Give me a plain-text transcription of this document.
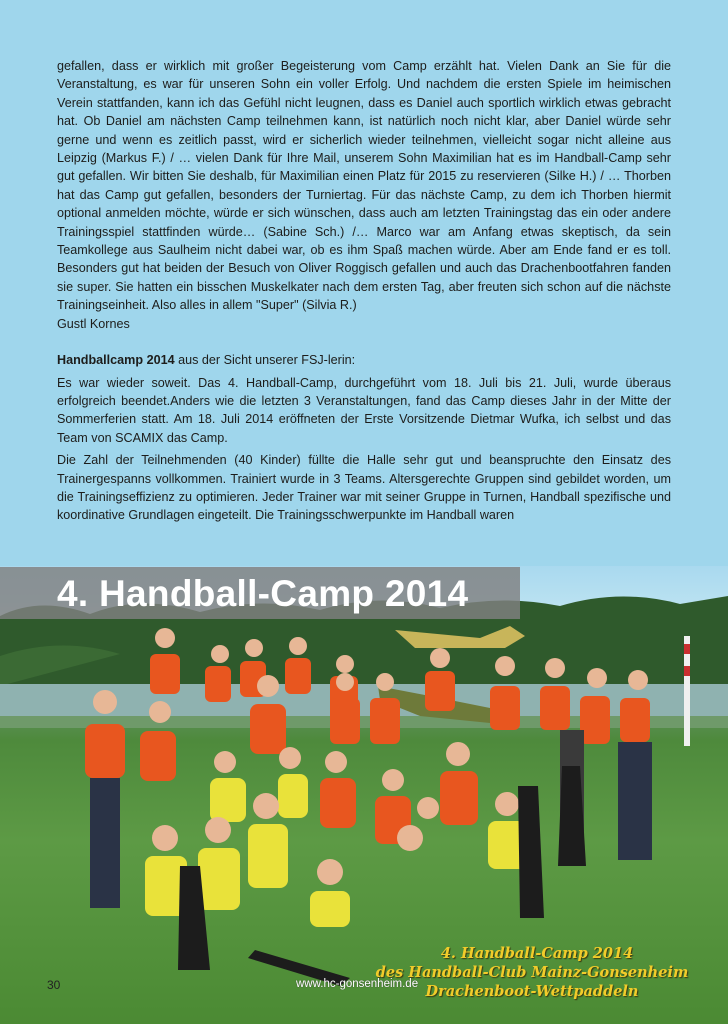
gefallen, dass er wirklich mit großer Begeisterung vom Camp erzählt hat. Vielen Dank an Sie für die Veranstaltung, es war für unseren Sohn ein voller Erfolg. Und nachdem die ersten Spiele im heimischen Verein stattfanden, kann ich das Gefühl nicht leugnen, dass es Daniel auch sportlich wirklich etwas gebracht hat. Ob Daniel am nächsten Camp teilnehmen kann, ist natürlich noch nicht klar, aber Daniel würde sehr gerne und wenn es zeitlich passt, wird er sicherlich wieder teilnehmen, vielleicht sogar nicht alleine aus Leipzig (Markus F.) / … vielen Dank für Ihre Mail, unserem Sohn Maximilian hat es im Handball-Camp sehr gut gefallen. Wir bitten Sie deshalb, für Maximilian einen Platz für 2015 zu reservieren (Silke H.) / … Thorben hat das Camp gut gefallen, besonders der Turniertag. Für das nächste Camp, zu dem ich Thorben hiermit optional anmelden möchte, würde er sich wünschen, dass auch am letzten Trainingstag das ein oder andere Trainingsspiel stattfinden würde… (Sabine Sch.) /… Marco war am Anfang etwas skeptisch, da sein Teamkollege aus Saulheim nicht dabei war, ob es ihm Spaß machen würde. Aber am Ende fand er es toll. Besonders gut hat beiden der Besuch von Oliver Roggisch gefallen und auch das Drachenbootfahren fanden sie super. Sie hatten ein bisschen Muskelkater nach dem ersten Tag, aber freuten sich schon auf die nächste Trainingseinheit. Also alles in allem "Super" (Silvia R.)

Gustl Kornes

Handballcamp 2014 aus der Sicht unserer FSJ-lerin:

Es war wieder soweit. Das 4. Handball-Camp, durchgeführt vom 18. Juli bis 21. Juli, wurde überaus erfolgreich beendet.Anders wie die letzten 3 Veranstaltungen, fand das Camp dieses Jahr in der Mitte der Sommerferien statt. Am 18. Juli 2014 eröffneten der Erste Vorsitzende Dietmar Wufka, ich selbst und das Team von SCAMIX das Camp.

Die Zahl der Teilnehmenden (40 Kinder) füllte die Halle sehr gut und beanspruchte den Einsatz des Trainergespanns vollkommen. Trainiert wurde in 3 Teams. Altersgerechte Gruppen sind gebildet worden, um die Trainingseffizienz zu optimieren. Jeder Trainer war mit seiner Gruppe in Turnen, Handball spezifische und koordinative Grundlagen eingeteilt. Die Trainingsschwerpunkte im Handball waren

4. Handball-Camp 2014
4. Handball-Camp 2014
des Handball-Club Mainz-Gonsenheim
Drachenboot-Wettpaddeln
30	www.hc-gonsenheim.de
